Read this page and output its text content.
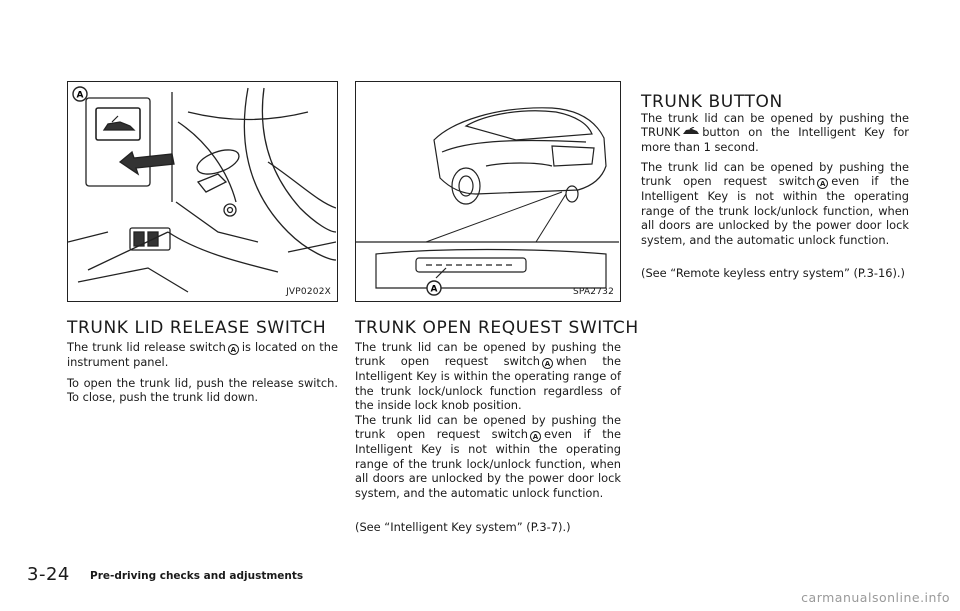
A
JVP0202X	A	SPA2732
TRUNK LID RELEASE SWITCH

The trunk lid release switch A is located on the instrument panel.

To open the trunk lid, push the release switch. To close, push the trunk lid down.

TRUNK OPEN REQUEST SWITCH

The trunk lid can be opened by pushing the trunk open request switch A when the Intelligent Key is within the operating range of the trunk lock/unlock function regardless of the inside lock knob position.

The trunk lid can be opened by pushing the trunk open request switch A even if the Intelligent Key is not within the operating range of the trunk lock/unlock function, when all doors are unlocked by the power door lock system, and the automatic unlock function.

(See “Intelligent Key system” (P.3-7).)

TRUNK BUTTON

The trunk lid can be opened by pushing the TRUNK button on the Intelligent Key for more than 1 second.

The trunk lid can be opened by pushing the trunk open request switch A even if the Intelligent Key is not within the operating range of the trunk lock/unlock function, when all doors are unlocked by the power door lock system, and the automatic unlock function.

(See “Remote keyless entry system” (P.3-16).)

3-24 Pre-driving checks and adjustments
carmanualsonline.info
